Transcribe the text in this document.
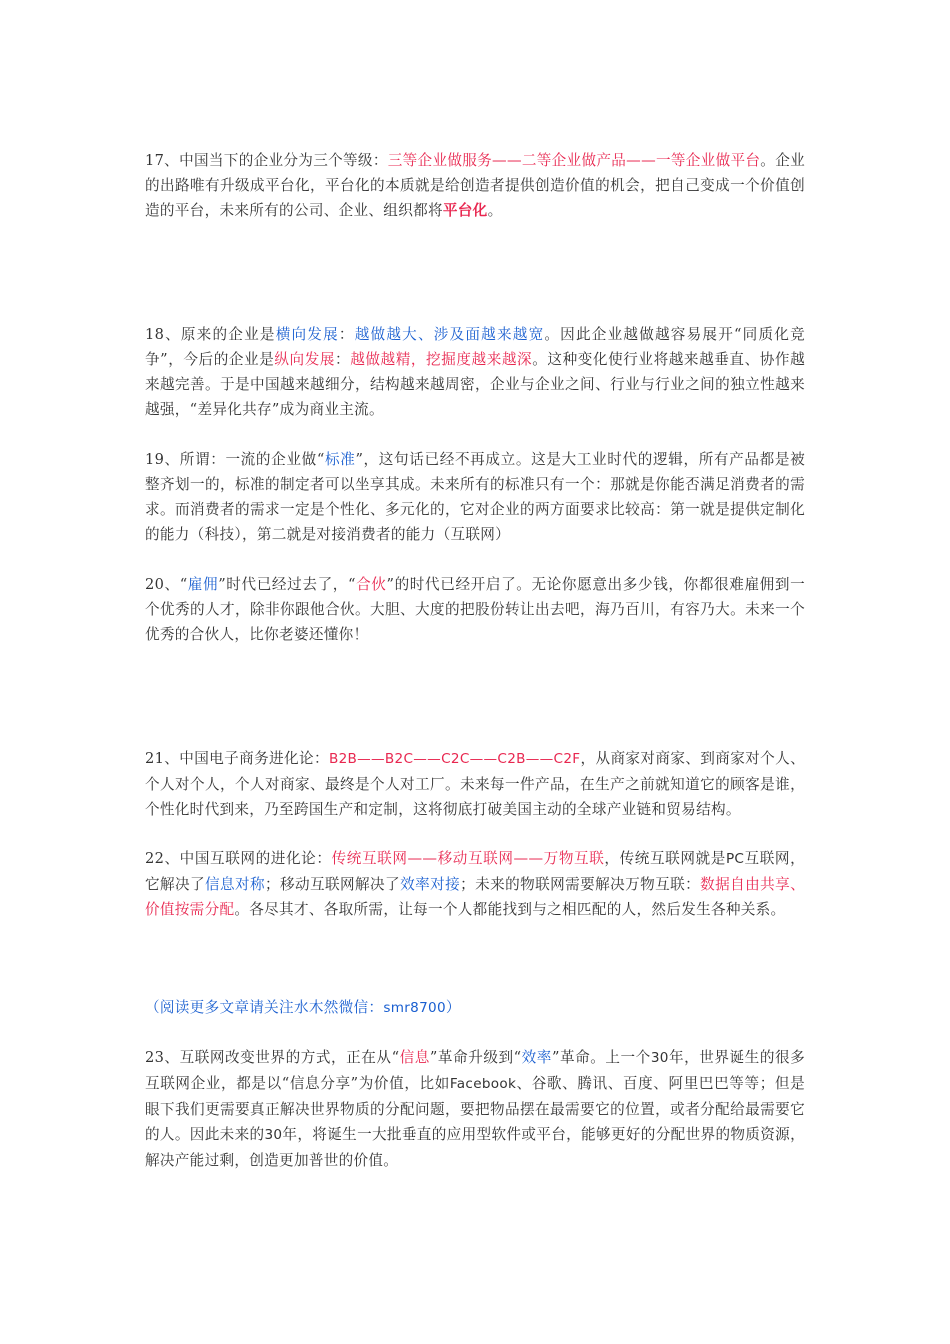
17、中国当下的企业分为三个等级：三等企业做服务——二等企业做产品——一等企业做平台。企业的出路唯有升级成平台化，平台化的本质就是给创造者提供创造价值的机会，把自己变成一个价值创造的平台，未来所有的公司、企业、组织都将平台化。

18、原来的企业是横向发展：越做越大、涉及面越来越宽。因此企业越做越容易展开“同质化竞争”，今后的企业是纵向发展：越做越精，挖掘度越来越深。这种变化使行业将越来越垂直、协作越来越完善。于是中国越来越细分，结构越来越周密，企业与企业之间、行业与行业之间的独立性越来越强，“差异化共存”成为商业主流。

19、所谓：一流的企业做“标准”，这句话已经不再成立。这是大工业时代的逻辑，所有产品都是被整齐划一的，标准的制定者可以坐享其成。未来所有的标准只有一个：那就是你能否满足消费者的需求。而消费者的需求一定是个性化、多元化的，它对企业的两方面要求比较高：第一就是提供定制化的能力（科技），第二就是对接消费者的能力（互联网）

20、“雇佣”时代已经过去了，“合伙”的时代已经开启了。无论你愿意出多少钱，你都很难雇佣到一个优秀的人才，除非你跟他合伙。大胆、大度的把股份转让出去吧，海乃百川，有容乃大。未来一个优秀的合伙人，比你老婆还懂你！

21、中国电子商务进化论：B2B——B2C——C2C——C2B——C2F，从商家对商家、到商家对个人、个人对个人，个人对商家、最终是个人对工厂。未来每一件产品，在生产之前就知道它的顾客是谁，个性化时代到来，乃至跨国生产和定制，这将彻底打破美国主动的全球产业链和贸易结构。

22、中国互联网的进化论：传统互联网——移动互联网——万物互联，传统互联网就是PC互联网，它解决了信息对称；移动互联网解决了效率对接；未来的物联网需要解决万物互联：数据自由共享、价值按需分配。各尽其才、各取所需，让每一个人都能找到与之相匹配的人，然后发生各种关系。

（阅读更多文章请关注水木然微信：smr8700）

23、互联网改变世界的方式，正在从“信息”革命升级到“效率”革命。上一个30年，世界诞生的很多互联网企业，都是以“信息分享”为价值，比如Facebook、谷歌、腾讯、百度、阿里巴巴等等；但是眼下我们更需要真正解决世界物质的分配问题，要把物品摆在最需要它的位置，或者分配给最需要它的人。因此未来的30年，将诞生一大批垂直的应用型软件或平台，能够更好的分配世界的物质资源，解决产能过剩，创造更加普世的价值。
